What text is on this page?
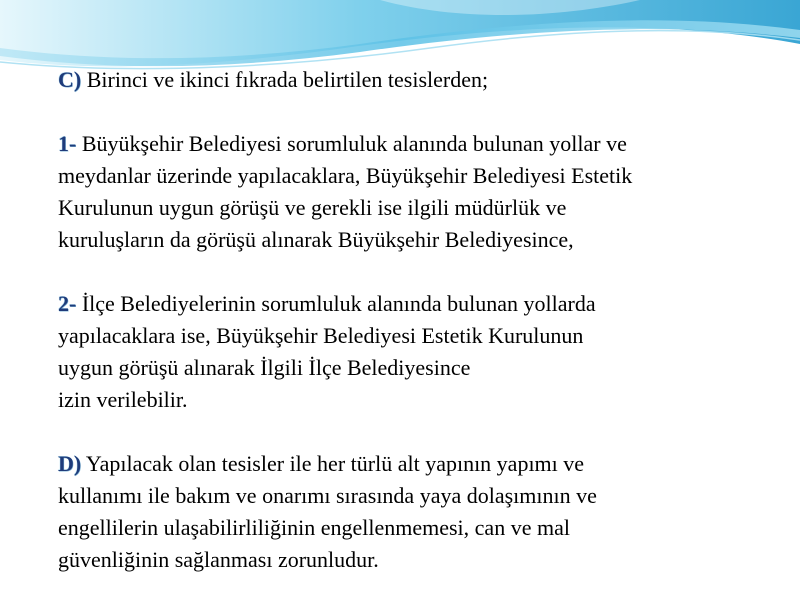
C) Birinci ve ikinci fıkrada belirtilen tesislerden;
1- Büyükşehir Belediyesi sorumluluk alanında bulunan yollar ve
meydanlar üzerinde yapılacaklara, Büyükşehir Belediyesi Estetik
Kurulunun uygun görüşü ve gerekli ise ilgili müdürlük ve
kuruluşların da görüşü alınarak Büyükşehir Belediyesince,
2- İlçe Belediyelerinin sorumluluk alanında bulunan yollarda
yapılacaklara ise, Büyükşehir Belediyesi Estetik Kurulunun
uygun görüşü alınarak İlgili İlçe Belediyesince
izin verilebilir.
D) Yapılacak olan tesisler ile her türlü alt yapının yapımı ve
kullanımı ile bakım ve onarımı sırasında yaya dolaşımının ve
engellilerin ulaşabilirliliğinin engellenmemesi, can ve mal
güvenliğinin sağlanması zorunludur.
